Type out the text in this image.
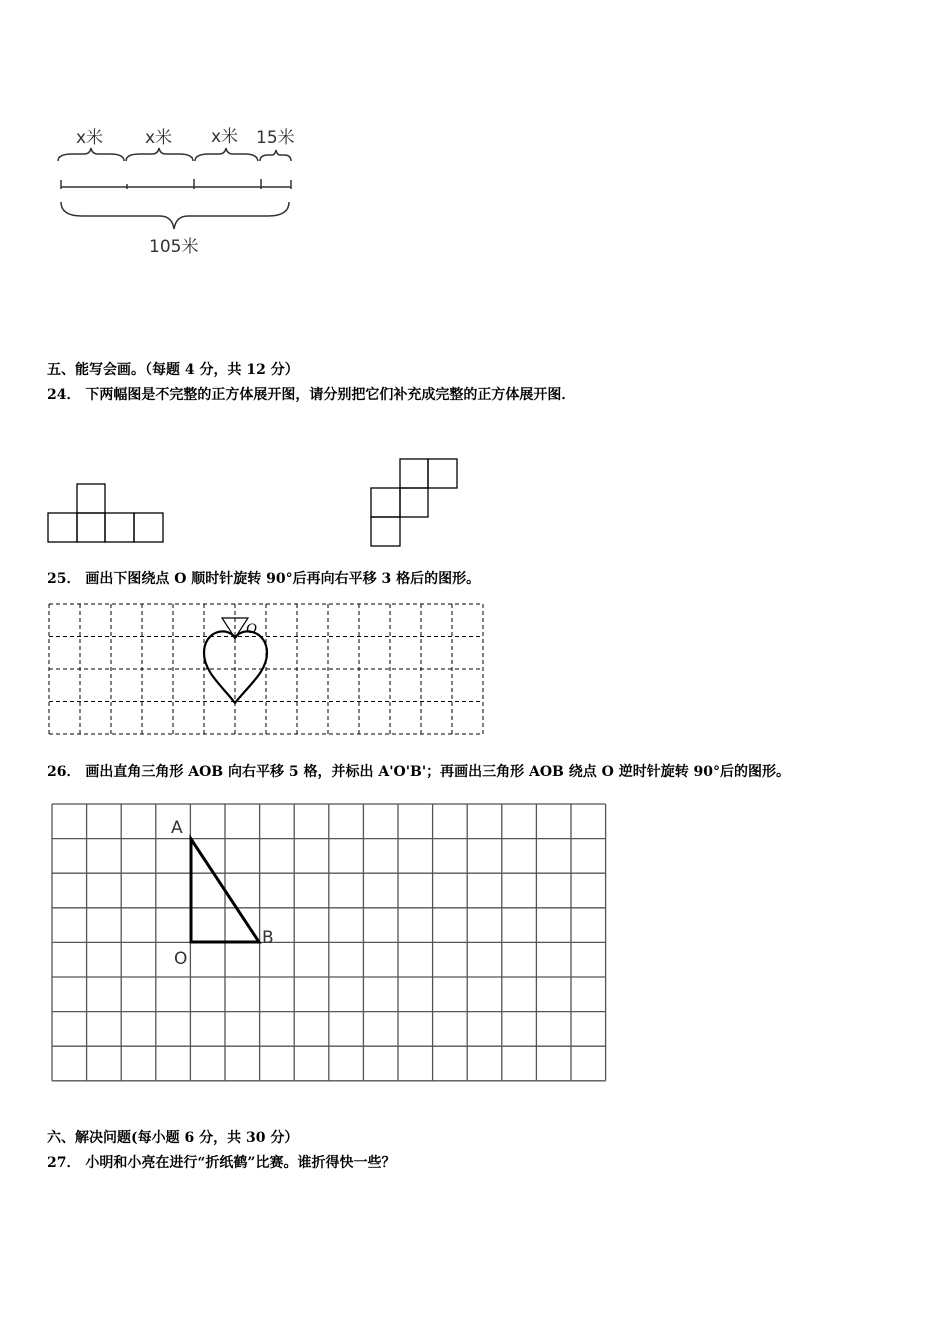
x米 x米 x米 15米
105米
五、能写会画。（每题 4 分，共 12 分）
24． 下两幅图是不完整的正方体展开图，请分别把它们补充成完整的正方体展开图．
25． 画出下图绕点 O 顺时针旋转 90°后再向右平移 3 格后的图形。
O
26． 画出直角三角形 AOB 向右平移 5 格，并标出 A'O'B'；再画出三角形 AOB 绕点 O 逆时针旋转 90°后的图形。
A
O
B
六、解决问题(每小题 6 分，共 30 分）
27． 小明和小亮在进行“折纸鹤”比赛。谁折得快一些？
